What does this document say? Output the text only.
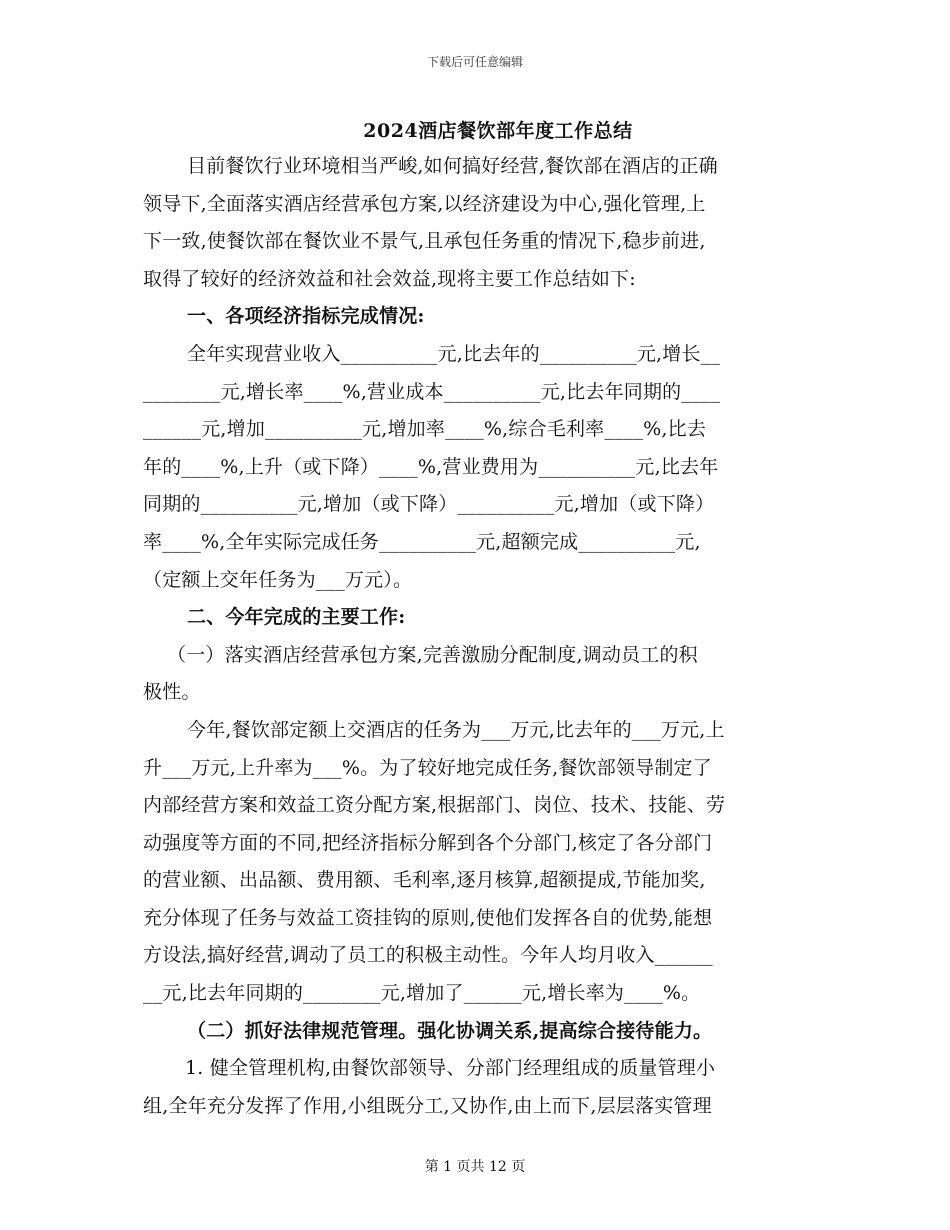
下载后可任意编辑
2024酒店餐饮部年度工作总结
目前餐饮行业环境相当严峻,如何搞好经营,餐饮部在酒店的正确
领导下,全面落实酒店经营承包方案,以经济建设为中心,强化管理,上
下一致,使餐饮部在餐饮业不景气,且承包任务重的情况下,稳步前进,
取得了较好的经济效益和社会效益,现将主要工作总结如下:
一、各项经济指标完成情况:
全年实现营业收入__________元,比去年的__________元,增长__
________元,增长率____%,营业成本__________元,比去年同期的____
______元,增加__________元,增加率____%,综合毛利率____%,比去
年的____%,上升（或下降）____%,营业费用为__________元,比去年
同期的__________元,增加（或下降）__________元,增加（或下降）
率____%,全年实际完成任务__________元,超额完成__________元,
（定额上交年任务为___万元）。
二、今年完成的主要工作:
（一）落实酒店经营承包方案,完善激励分配制度,调动员工的积
极性。
今年,餐饮部定额上交酒店的任务为___万元,比去年的___万元,上
升___万元,上升率为___%。为了较好地完成任务,餐饮部领导制定了
内部经营方案和效益工资分配方案,根据部门、岗位、技术、技能、劳
动强度等方面的不同,把经济指标分解到各个分部门,核定了各分部门
的营业额、出品额、费用额、毛利率,逐月核算,超额提成,节能加奖,
充分体现了任务与效益工资挂钩的原则,使他们发挥各自的优势,能想
方设法,搞好经营,调动了员工的积极主动性。今年人均月收入______
__元,比去年同期的________元,增加了______元,增长率为____%。
（二）抓好法律规范管理。强化协调关系,提高综合接待能力。
1. 健全管理机构,由餐饮部领导、分部门经理组成的质量管理小
组,全年充分发挥了作用,小组既分工,又协作,由上而下,层层落实管理
第 1 页共 12 页
